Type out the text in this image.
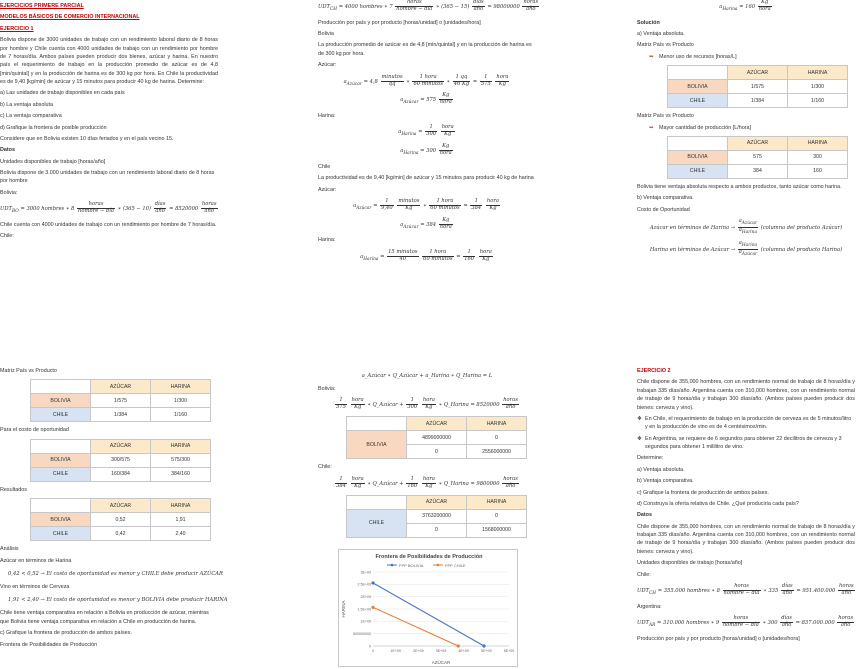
EJERCICIOS PRIMERE PARCIAL

MODELOS BÁSICOS DE COMERCIO INTERNACIONAL

EJERCICIO 1

Bolivia dispone de 3000 unidades de trabajo con un rendimiento laboral diario de 8 horas por hombre y Chile cuenta con 4000 unidades de trabajo con un rendimiento por hombre de 7 horas/día. Ambos países pueden producir dos bienes, azúcar y harina. En nuestro país el requerimiento de trabajo en la producción promedio de azúcar es de 4,8 [min/quintal] y en la producción de harina es de 300 kg por hora. En Chile la productividad es de 9,40 [kg/min] de azúcar y 15 minutos para producir 40 kg de harina. Determine:

a) Las unidades de trabajo disponibles en cada país

b) La ventaja absoluta

c) La ventaja comparativa

d) Grafique la frontera de posible producción

Considere que en Bolivia existen 10 días feriados y en el país vecino 15.

Datos

Unidades disponibles de trabajo [horas/año]

Bolivia dispone de 3.000 unidades de trabajo con un rendimiento laboral diario de 8 horas por hombre

Bolivia:

$UDT_{BO} = 3000$ hombres ∗ $8 \frac{\text{horas}}{\text{hombre − día}}$ ∗ $(365 - 10) \frac{\text{días}}{\text{año}} = 8520000 \frac{\text{horas}}{\text{año}}$

Chile cuenta con 4000 unidades de trabajo con un rendimiento por hombre de 7 horas/día.

Chile:

$UDT_{CH} = 4000$ hombres ∗ $7 \frac{\text{horas}}{\text{hombre − día}}$ ∗ $(365 - 15) \frac{\text{días}}{\text{año}} = 98000000 \frac{\text{horas}}{\text{año}}$

Producción por país y por producto [horas/unidad] o [unidades/hora]

Bolivia

La producción promedio de azúcar es de 4,8 [min/quintal] y en la producción de harina es de 300 kg por hora.

Azúcar:

$a_{Azúcar} = 4,8 \frac{\text{minutos}}{qq}$ ∗ $\frac{\text{1 hora}}{\text{60 minutos}}$ ∗ $\frac{1 qq}{46 Kg} = \frac{1}{575}$
$\frac{\text{hora}}{Kg}$
$a_{Azúcar} = 575 \frac{Kg}{\text{hora}}$

Harina:

$a_{Harina} = \frac{1}{300}$
$\frac{\text{hora}}{Kg}$
$a_{Harina} = 300 \frac{Kg}{\text{hora}}$

Chile

La productividad es de 9,40 [kg/min] de azúcar y 15 minutos para producir 40 kg de harina

Azúcar:

$a_{Azúcar} = \frac{1}{9,40}$
$\frac{\text{minutos}}{Kg}$ ∗ $\frac{\text{1 hora}}{\text{60 minutos}} = \frac{1}{384}$
$\frac{\text{hora}}{Kg}$
$a_{Azúcar} = 384 \frac{Kg}{\text{hora}}$

Harina:

$a_{Harina} = \frac{\text{15 minutos}}{40}$
$\frac{\text{1 hora}}{\text{60 minutos}} = \frac{1}{160}$
$\frac{\text{hora}}{Kg}$
$a_{Harina} = 160 \frac{Kg}{\text{hora}}$

Solución

a) Ventaja absoluta.

Matriz País vs Producto

➥ Menor uso de recursos [horas/L]
	AZÚCAR	HARINA
BOLIVIA	1/575	1/300
CHILE	1/384	1/160

Matriz País vs Producto

➥ Mayor cantidad de producción [L/hora]
	AZÚCAR	HARINA
BOLIVIA	575	300
CHILE	384	160

Bolivia tiene ventaja absoluta respecto a ambos productos, tanto azúcar como harina.

b) Ventaja comparativa.

Costo de Oportunidad

Azúcar en términos de Harina → $\frac{a_{Azúcar}}{a_{Harina}}$ (columna del producto Azúcar)
Harina en términos de Azúcar → $\frac{a_{Harina}}{a_{Azúcar}}$ (columna del producto Harina)

Matriz País vs Producto

	AZÚCAR	HARINA
BOLIVIA	1/575	1/300
CHILE	1/384	1/160

Para el costo de oportunidad

	AZÚCAR	HARINA
BOLIVIA	300/575	575/300
CHILE	160/384	384/160

Resultados

	AZÚCAR	HARINA
BOLIVIA	0,52	1,91
CHILE	0,42	2,40

Análisis

Azúcar en términos de Harina

0,42 < 0,52 → El costo de oportunidad es menor y CHILE debe producir AZÚCAR

Vino en términos de Cerveza

1,91 < 2,40 → El costo de oportunidad es menor y BOLIVIA debe producir HARINA

Chile tiene ventaja comparativa en relación a Bolivia en producción de azúcar, mientras que Bolivia tiene ventaja comparativa en relación a Chile en producción de harina.

c) Grafique la frontera de producción de ambos países.

Frontera de Posibilidades de Producción

a_Azúcar ∗ Q_Azúcar + a_Harina ∗ Q_Harina = L

Bolivia:

$\frac{1}{575}$
$\frac{\text{hora}}{Kg}$ ∗ Q_Azúcar + $\frac{1}{300}$
$\frac{\text{hora}}{Kg}$ ∗ Q_Harina = $8520000 \frac{\text{horas}}{\text{año}}$
	AZÚCAR	HARINA
BOLIVIA	4899000000	0
	0	2556000000

Chile:

$\frac{1}{384}$
$\frac{\text{hora}}{Kg}$ ∗ Q_Azúcar + $\frac{1}{160}$
$\frac{\text{hora}}{Kg}$ ∗ Q_Harina = $9800000 \frac{\text{horas}}{\text{año}}$
	AZÚCAR	HARINA
CHILE	3763200000	0
	0	1568000000
Frontera de Posibilidades de Producción
FPP BOLIVIA	FPP CHILE
0
500000000
1E+09
1.5E+09
2E+09
2.5E+09
3E+09
0	1E+09	2E+09	3E+09	4E+09	5E+09	6E+09
AZÚCAR
HARINA

EJERCICIO 2

Chile dispone de 355,000 hombres, con un rendimiento normal de trabajo de 8 horas/día y trabajan 335 días/año. Argentina cuenta con 310,000 hombres, con un rendimiento normal de trabajo de 9 horas/día y trabajan 300 días/año. (Ambos países pueden producir dos bienes: cerveza y vino).

❖ En Chile, el requerimiento de trabajo en la producción de cerveza es de 5 minutos/litro y en la producción de vino es de 4 centésimos/min.
❖ En Argentina, se requiere de 6 segundos para obtener 22 decilitros de cerveza y 3 segundos para obtener 1 mililitro de vino.

Determine:

a) Ventaja absoluta.

b) Ventaja comparativa.

c) Grafique la frontera de producción de ambos países.

d) Construya la oferta relativa de Chile. ¿Qué produciría cada país?

Datos

Chile dispone de 355,000 hombres, con un rendimiento normal de trabajo de 8 horas/día y trabajan 335 días/año. Argentina cuenta con 310,000 hombres, con un rendimiento normal de trabajo de 9 horas/día y trabajan 300 días/año. (Ambos países pueden producir dos bienes: cerveza y vino).

Unidades disponibles de trabajo [horas/año]

Chile:

$UDT_{CH} = 355.000$ hombres ∗ $8 \frac{\text{horas}}{\text{hombre − día}}$ ∗ $335 \frac{\text{días}}{\text{año}} = 951.400.000 \frac{\text{horas}}{\text{año}}$

Argentina:

$UDT_{AR} = 310.000$ hombres ∗ $9 \frac{\text{horas}}{\text{hombre − día}}$ ∗ $300 \frac{\text{días}}{\text{año}} = 837.000.000 \frac{\text{horas}}{\text{año}}$

Producción por país y por producto [horas/unidad] o [unidades/hora]
